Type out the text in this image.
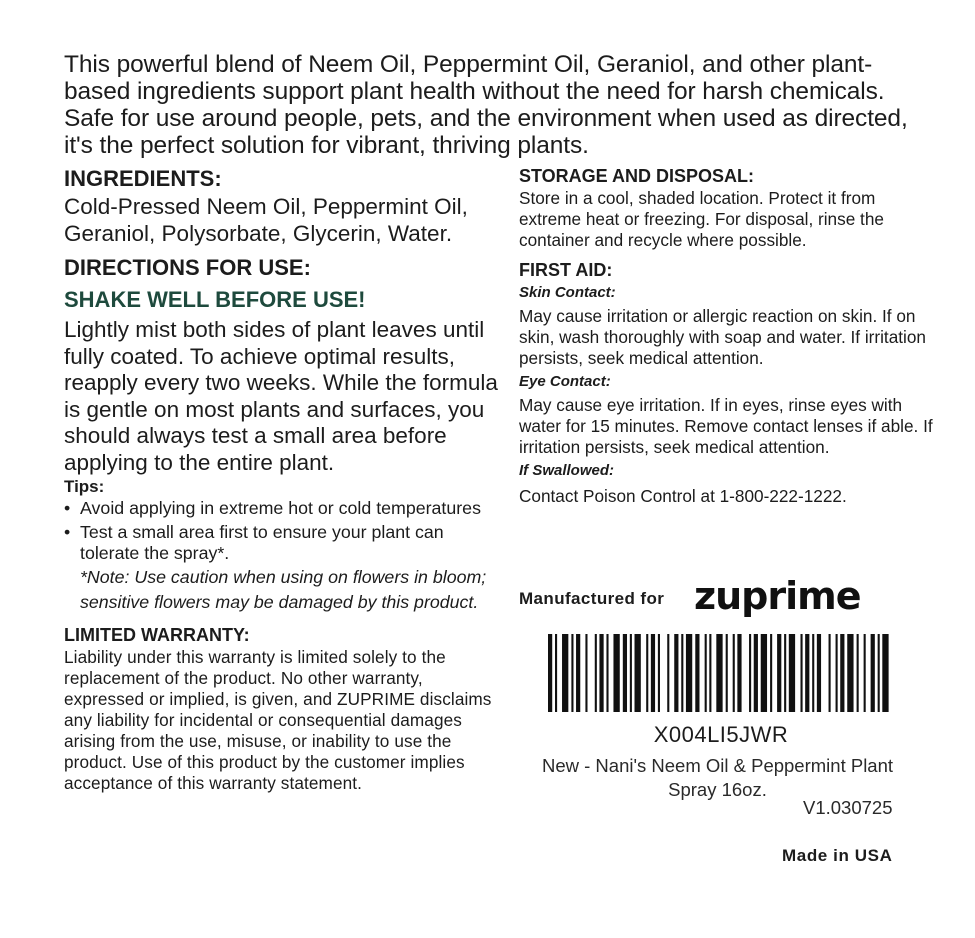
This powerful blend of Neem Oil, Peppermint Oil, Geraniol, and other plant-based ingredients support plant health without the need for harsh chemicals. Safe for use around people, pets, and the environment when used as directed, it's the perfect solution for vibrant, thriving plants.
INGREDIENTS:

Cold-Pressed Neem Oil, Peppermint Oil, Geraniol, Polysorbate, Glycerin, Water.

DIRECTIONS FOR USE:
SHAKE WELL BEFORE USE!

Lightly mist both sides of plant leaves until fully coated. To achieve optimal results, reapply every two weeks. While the formula is gentle on most plants and surfaces, you should always test a small area before applying to the entire plant.

Tips:
• Avoid applying in extreme hot or cold temperatures
• Test a small area first to ensure your plant can tolerate the spray*.

*Note: Use caution when using on flowers in bloom; sensitive flowers may be damaged by this product.

LIMITED WARRANTY:

Liability under this warranty is limited solely to the replacement of the product. No other warranty, expressed or implied, is given, and ZUPRIME disclaims any liability for incidental or consequential damages arising from the use, misuse, or inability to use the product. Use of this product by the customer implies acceptance of this warranty statement.

STORAGE AND DISPOSAL:

Store in a cool, shaded location. Protect it from extreme heat or freezing. For disposal, rinse the container and recycle where possible.

FIRST AID:
Skin Contact:

May cause irritation or allergic reaction on skin. If on skin, wash thoroughly with soap and water. If irritation persists, seek medical attention.

Eye Contact:

May cause eye irritation. If in eyes, rinse eyes with water for 15 minutes. Remove contact lenses if able. If irritation persists, seek medical attention.

If Swallowed:

Contact Poison Control at 1-800-222-1222.

Manufactured for zuprime
X004LI5JWR
New - Nani's Neem Oil & Peppermint Plant Spray 16oz.
V1.030725
Made in USA
